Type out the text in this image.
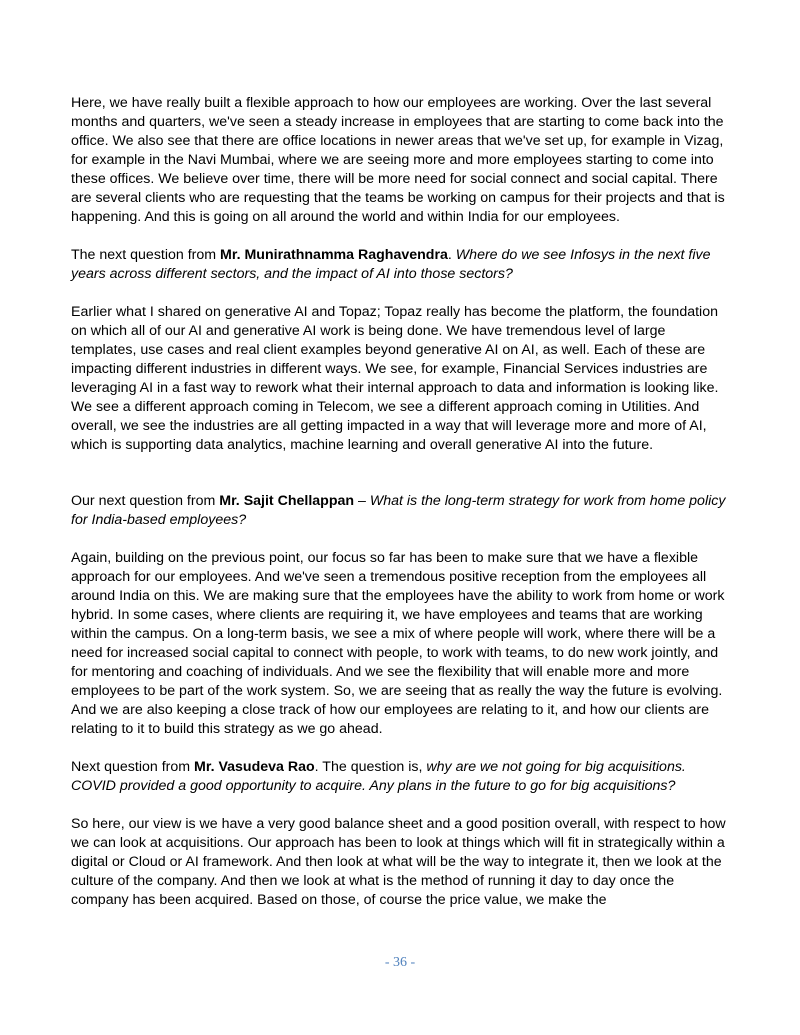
Here, we have really built a flexible approach to how our employees are working. Over the last several months and quarters, we've seen a steady increase in employees that are starting to come back into the office. We also see that there are office locations in newer areas that we've set up, for example in Vizag, for example in the Navi Mumbai, where we are seeing more and more employees starting to come into these offices. We believe over time, there will be more need for social connect and social capital. There are several clients who are requesting that the teams be working on campus for their projects and that is happening. And this is going on all around the world and within India for our employees.

The next question from Mr. Munirathnamma Raghavendra. Where do we see Infosys in the next five years across different sectors, and the impact of AI into those sectors?

Earlier what I shared on generative AI and Topaz; Topaz really has become the platform, the foundation on which all of our AI and generative AI work is being done. We have tremendous level of large templates, use cases and real client examples beyond generative AI on AI, as well. Each of these are impacting different industries in different ways. We see, for example, Financial Services industries are leveraging AI in a fast way to rework what their internal approach to data and information is looking like. We see a different approach coming in Telecom, we see a different approach coming in Utilities. And overall, we see the industries are all getting impacted in a way that will leverage more and more of AI, which is supporting data analytics, machine learning and overall generative AI into the future.

Our next question from Mr. Sajit Chellappan – What is the long-term strategy for work from home policy for India-based employees?

Again, building on the previous point, our focus so far has been to make sure that we have a flexible approach for our employees. And we've seen a tremendous positive reception from the employees all around India on this. We are making sure that the employees have the ability to work from home or work hybrid. In some cases, where clients are requiring it, we have employees and teams that are working within the campus. On a long-term basis, we see a mix of where people will work, where there will be a need for increased social capital to connect with people, to work with teams, to do new work jointly, and for mentoring and coaching of individuals. And we see the flexibility that will enable more and more employees to be part of the work system. So, we are seeing that as really the way the future is evolving. And we are also keeping a close track of how our employees are relating to it, and how our clients are relating to it to build this strategy as we go ahead.

Next question from Mr. Vasudeva Rao. The question is, why are we not going for big acquisitions. COVID provided a good opportunity to acquire. Any plans in the future to go for big acquisitions?

So here, our view is we have a very good balance sheet and a good position overall, with respect to how we can look at acquisitions. Our approach has been to look at things which will fit in strategically within a digital or Cloud or AI framework. And then look at what will be the way to integrate it, then we look at the culture of the company. And then we look at what is the method of running it day to day once the company has been acquired. Based on those, of course the price value, we make the

- 36 -
